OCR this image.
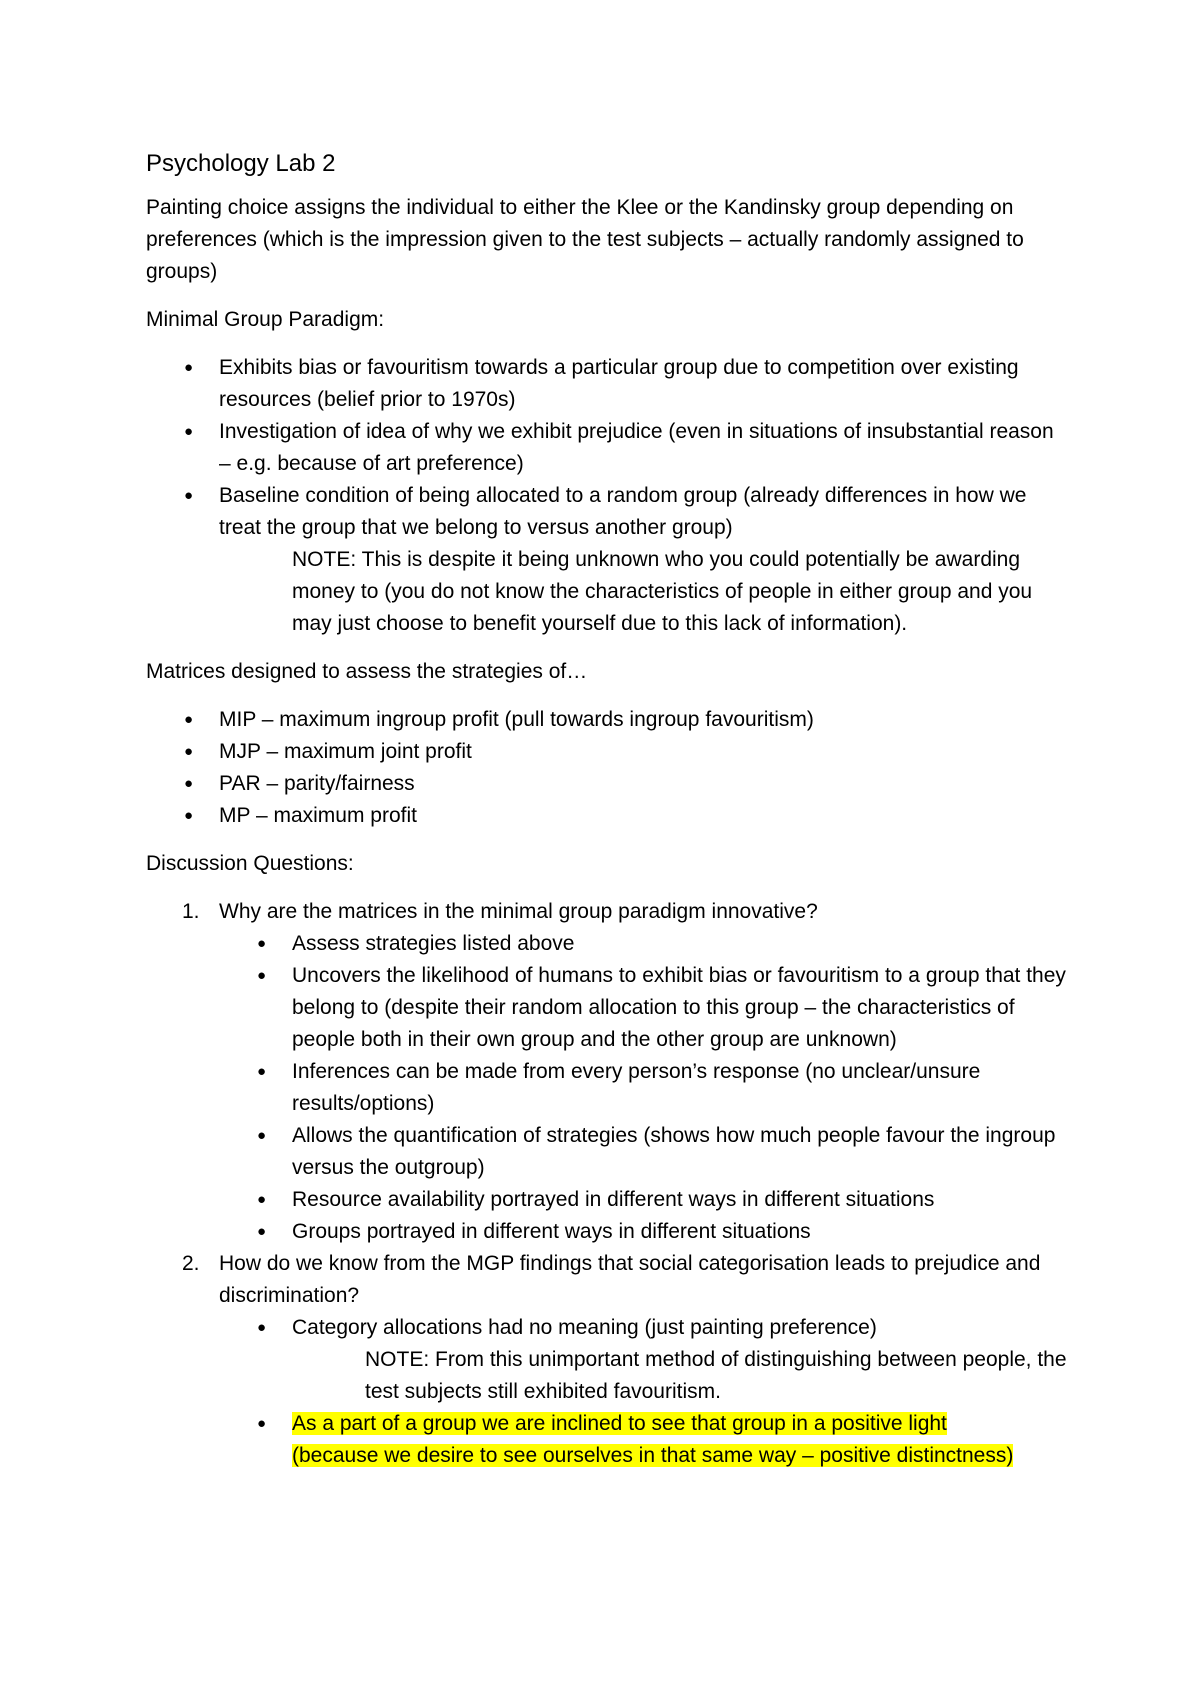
Psychology Lab 2

Painting choice assigns the individual to either the Klee or the Kandinsky group depending on preferences (which is the impression given to the test subjects – actually randomly assigned to groups)

Minimal Group Paradigm:

● Exhibits bias or favouritism towards a particular group due to competition over existing resources (belief prior to 1970s)
● Investigation of idea of why we exhibit prejudice (even in situations of insubstantial reason – e.g. because of art preference)
● Baseline condition of being allocated to a random group (already differences in how we treat the group that we belong to versus another group)
NOTE: This is despite it being unknown who you could potentially be awarding money to (you do not know the characteristics of people in either group and you may just choose to benefit yourself due to this lack of information).

Matrices designed to assess the strategies of…

● MIP – maximum ingroup profit (pull towards ingroup favouritism)
● MJP – maximum joint profit
● PAR – parity/fairness
● MP – maximum profit

Discussion Questions:

1. Why are the matrices in the minimal group paradigm innovative?
● Assess strategies listed above
● Uncovers the likelihood of humans to exhibit bias or favouritism to a group that they belong to (despite their random allocation to this group – the characteristics of people both in their own group and the other group are unknown)
● Inferences can be made from every person’s response (no unclear/unsure results/options)
● Allows the quantification of strategies (shows how much people favour the ingroup versus the outgroup)
● Resource availability portrayed in different ways in different situations
● Groups portrayed in different ways in different situations
2. How do we know from the MGP findings that social categorisation leads to prejudice and discrimination?
● Category allocations had no meaning (just painting preference)
NOTE: From this unimportant method of distinguishing between people, the test subjects still exhibited favouritism.
● As a part of a group we are inclined to see that group in a positive light
(because we desire to see ourselves in that same way – positive distinctness)
